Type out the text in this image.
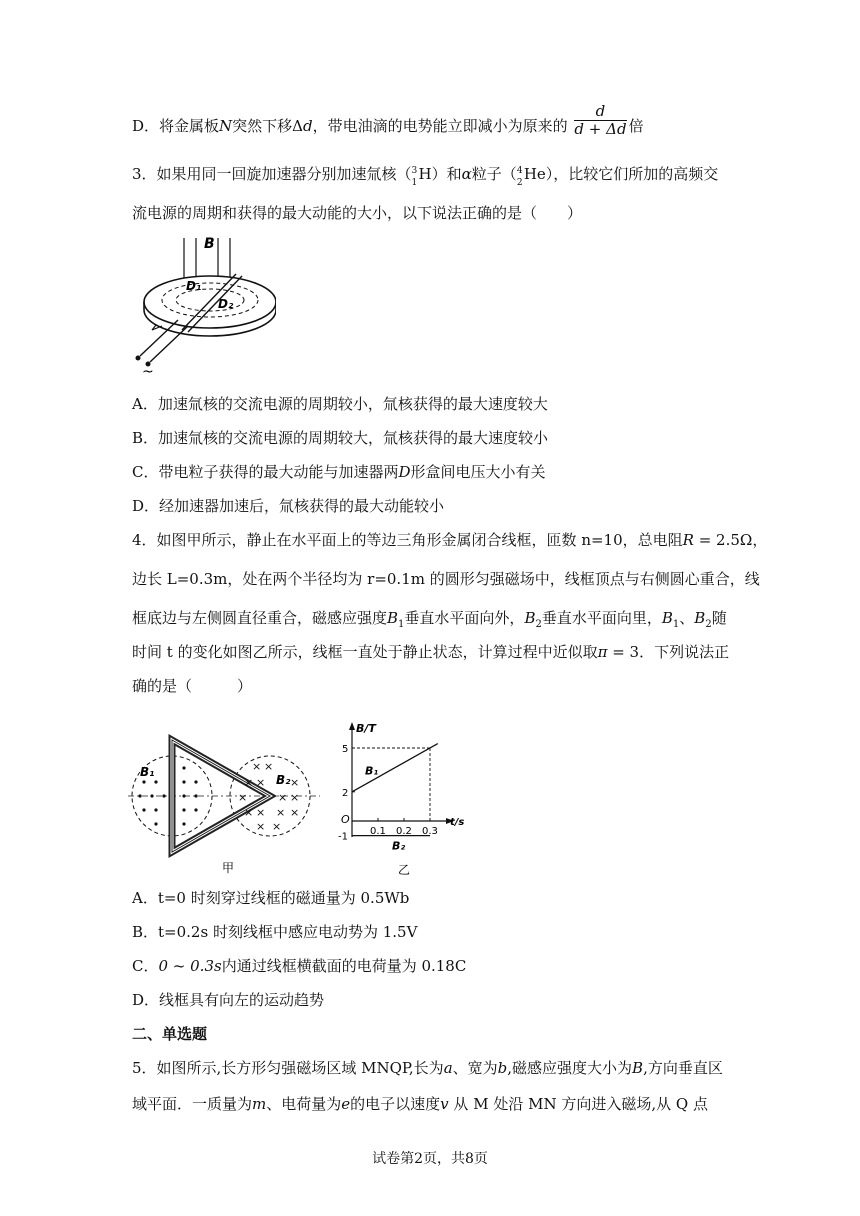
D．将金属板N突然下移Δd，带电油滴的电势能立即减小为原来的 $\frac{d}{d + \Delta d}$ 倍
3．如果用同一回旋加速器分别加速氚核（ 3
1 H）和α粒子（ 4
2 He），比较它们所加的高频交
流电源的周期和获得的最大动能的大小，以下说法正确的是（　　）
B
D₁
D₂
~
A．加速氚核的交流电源的周期较小，氚核获得的最大速度较大
B．加速氚核的交流电源的周期较大，氚核获得的最大速度较小
C．带电粒子获得的最大动能与加速器两D形盒间电压大小有关
D．经加速器加速后，氚核获得的最大动能较小
4．如图甲所示，静止在水平面上的等边三角形金属闭合线框，匝数 n=10，总电阻R = 2.5Ω，
边长 L=0.3m，处在两个半径均为 r=0.1m 的圆形匀强磁场中，线框顶点与右侧圆心重合，线
框底边与左侧圆直径重合，磁感应强度$B_1$垂直水平面向外，$B_2$垂直水平面向里，$B_1$、$B_2$随
时间 t 的变化如图乙所示，线框一直处于静止状态，计算过程中近似取π = 3．下列说法正
确的是（　　　）
B₁	× ×
× × ×
×	× ×
× × × ×
× ×
B₂
甲
B/T
t/s
O
0.1 0.2 0.3
5
2
-1
B₁
B₂
乙
A．t=0 时刻穿过线框的磁通量为 0.5Wb
B．t=0.2s 时刻线框中感应电动势为 1.5V
C．0 ~ 0.3s内通过线框横截面的电荷量为 0.18C
D．线框具有向左的运动趋势
二、单选题
5．如图所示,长方形匀强磁场区域 MNQP,长为a、宽为b,磁感应强度大小为B,方向垂直区
域平面．一质量为m、电荷量为e的电子以速度v 从 M 处沿 MN 方向进入磁场,从 Q 点
试卷第2页，共8页
